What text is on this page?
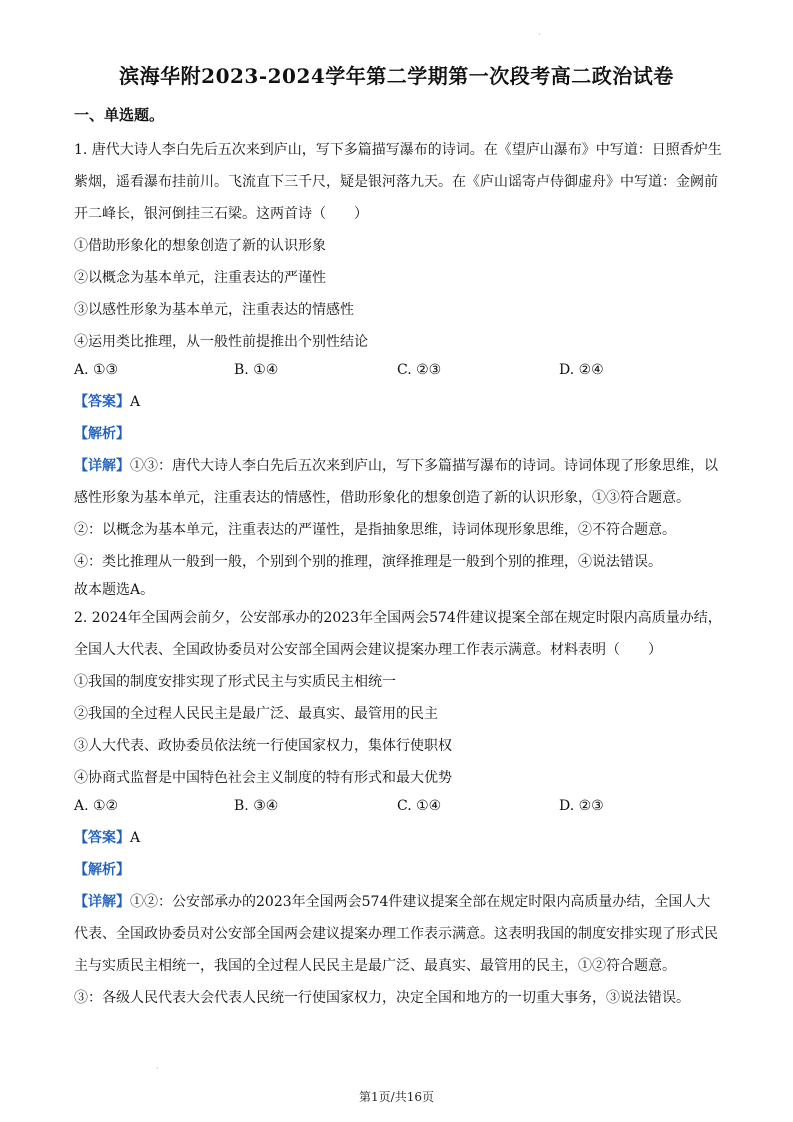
·
滨海华附2023-2024学年第二学期第一次段考高二政治试卷
一、单选题。
1. 唐代大诗人李白先后五次来到庐山，写下多篇描写瀑布的诗词。在《望庐山瀑布》中写道：日照香炉生
紫烟，遥看瀑布挂前川。飞流直下三千尺，疑是银河落九天。在《庐山谣寄卢侍御虚舟》中写道：金阙前
开二峰长，银河倒挂三石梁。这两首诗（　　）
①借助形象化的想象创造了新的认识形象
②以概念为基本单元，注重表达的严谨性
③以感性形象为基本单元，注重表达的情感性
④运用类比推理，从一般性前提推出个别性结论
A. ①③	B. ①④	C. ②③	D. ②④
【答案】A
【解析】
【详解】①③：唐代大诗人李白先后五次来到庐山，写下多篇描写瀑布的诗词。诗词体现了形象思维，以
感性形象为基本单元，注重表达的情感性，借助形象化的想象创造了新的认识形象，①③符合题意。
②：以概念为基本单元，注重表达的严谨性，是指抽象思维，诗词体现形象思维，②不符合题意。
④：类比推理从一般到一般，个别到个别的推理，演绎推理是一般到个别的推理，④说法错误。
故本题选A。
2. 2024年全国两会前夕，公安部承办的2023年全国两会574件建议提案全部在规定时限内高质量办结，
全国人大代表、全国政协委员对公安部全国两会建议提案办理工作表示满意。材料表明（　　）
①我国的制度安排实现了形式民主与实质民主相统一
②我国的全过程人民民主是最广泛、最真实、最管用的民主
③人大代表、政协委员依法统一行使国家权力，集体行使职权
④协商式监督是中国特色社会主义制度的特有形式和最大优势
A. ①②	B. ③④	C. ①④	D. ②③
【答案】A
【解析】
【详解】①②：公安部承办的2023年全国两会574件建议提案全部在规定时限内高质量办结，全国人大
代表、全国政协委员对公安部全国两会建议提案办理工作表示满意。这表明我国的制度安排实现了形式民
主与实质民主相统一，我国的全过程人民民主是最广泛、最真实、最管用的民主，①②符合题意。
③：各级人民代表大会代表人民统一行使国家权力，决定全国和地方的一切重大事务，③说法错误。
·
第1页/共16页
